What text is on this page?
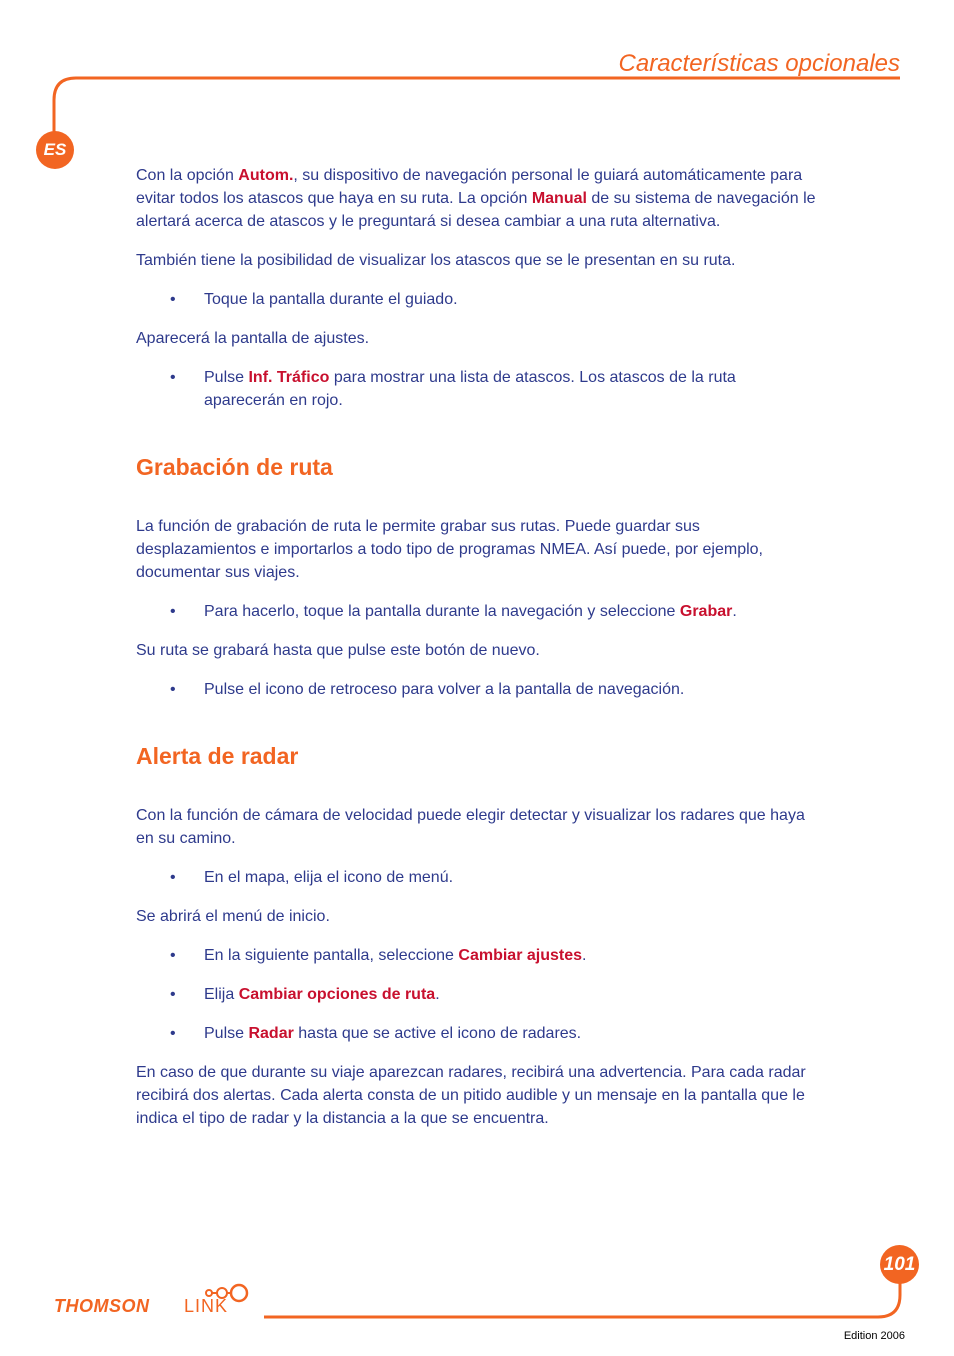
Características opcionales
ES
101

Con la opción Autom., su dispositivo de navegación personal le guiará automáticamente para evitar todos los atascos que haya en su ruta. La opción Manual de su sistema de navegación le alertará acerca de atascos y le preguntará si desea cambiar a una ruta alternativa.

También tiene la posibilidad de visualizar los atascos que se le presentan en su ruta.

• Toque la pantalla durante el guiado.

Aparecerá la pantalla de ajustes.

• Pulse Inf. Tráfico para mostrar una lista de atascos. Los atascos de la ruta aparecerán en rojo.
Grabación de ruta

La función de grabación de ruta le permite grabar sus rutas. Puede guardar sus desplazamientos e importarlos a todo tipo de programas NMEA. Así puede, por ejemplo, documentar sus viajes.

• Para hacerlo, toque la pantalla durante la navegación y seleccione Grabar.

Su ruta se grabará hasta que pulse este botón de nuevo.

• Pulse el icono de retroceso para volver a la pantalla de navegación.
Alerta de radar

Con la función de cámara de velocidad puede elegir detectar y visualizar los radares que haya en su camino.

• En el mapa, elija el icono de menú.

Se abrirá el menú de inicio.

• En la siguiente pantalla, seleccione Cambiar ajustes.
• Elija Cambiar opciones de ruta.
• Pulse Radar hasta que se active el icono de radares.

En caso de que durante su viaje aparezcan radares, recibirá una advertencia. Para cada radar recibirá dos alertas. Cada alerta consta de un pitido audible y un mensaje en la pantalla que le indica el tipo de radar y la distancia a la que se encuentra.

THOMSON LINK
Edition 2006
